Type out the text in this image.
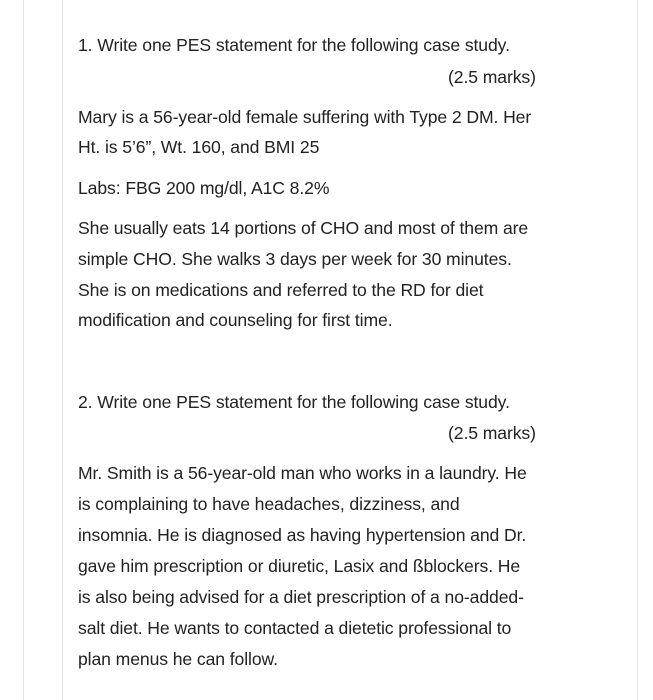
1. Write one PES statement for the following case study.
(2.5 marks)
Mary is a 56-year-old female suffering with Type 2 DM. Her
Ht. is 5’6”, Wt. 160, and BMI 25
Labs: FBG 200 mg/dl, A1C 8.2%
She usually eats 14 portions of CHO and most of them are
simple CHO. She walks 3 days per week for 30 minutes.
She is on medications and referred to the RD for diet
modification and counseling for first time.
2. Write one PES statement for the following case study.
(2.5 marks)
Mr. Smith is a 56-year-old man who works in a laundry. He
is complaining to have headaches, dizziness, and
insomnia. He is diagnosed as having hypertension and Dr.
gave him prescription or diuretic, Lasix and ßblockers. He
is also being advised for a diet prescription of a no-added-
salt diet. He wants to contacted a dietetic professional to
plan menus he can follow.
